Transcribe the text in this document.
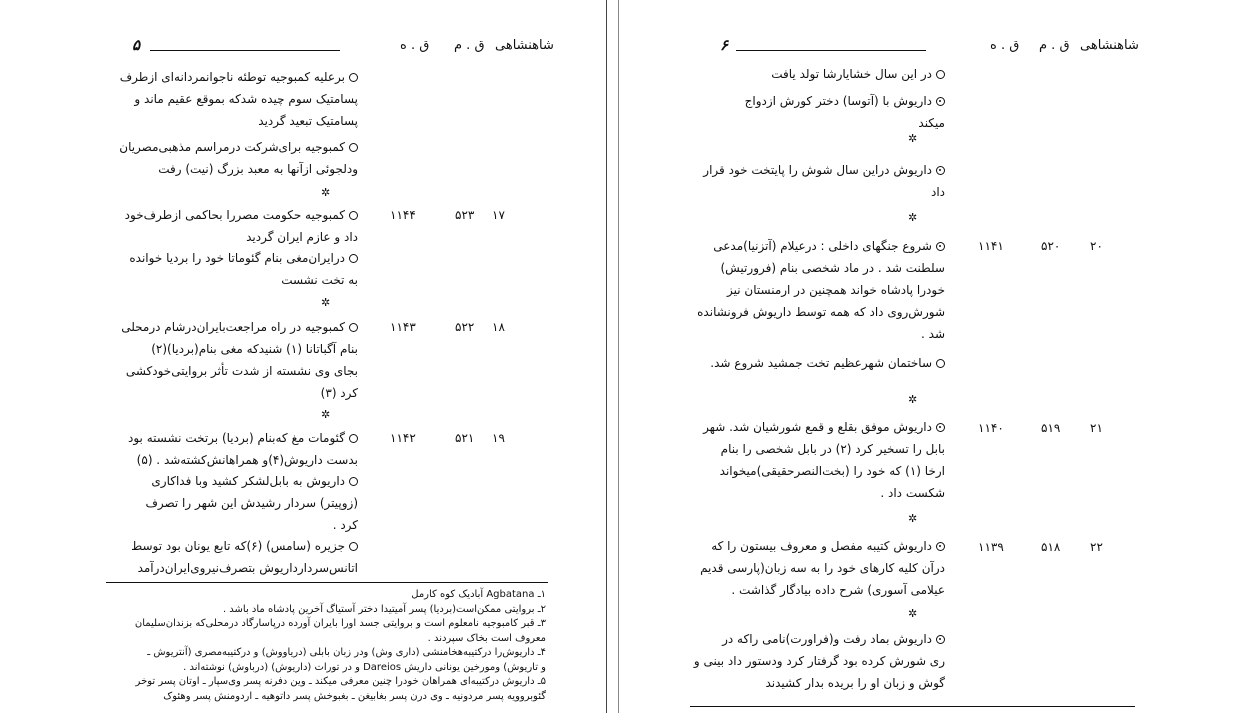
۵	شاهنشاهی
ق . م
ق . ه
برعلیه کمبوجیه توطئه ناجوانمردانه‌ای ازطرف
پسامتیک سوم چیده شدکه بموقع عقیم ماند و
پسامتیک تبعید گردید
کمبوجیه برای‌شرکت درمراسم مذهبی‌مصریان
ودلجوئی ازآنها به معبد بزرگ (نیت) رفت
✲
۱۷
۵۲۳
۱۱۴۴
کمبوجیه حکومت مصررا بحاکمی ازطرف‌خود
داد و عازم ایران گردید
درایران‌مغی بنام گئوماتا خود را بردیا خوانده
به تخت نشست
✲
۱۸
۵۲۲
۱۱۴۳
کمبوجیه در راه مراجعت‌بایران‌درشام درمحلی
بنام آگباتانا (۱) شنیدکه مغی بنام(بردیا)(۲)
بجای وی نشسته از شدت تأثر بروایتی‌خودکشی
کرد (۳)
✲
۱۹
۵۲۱
۱۱۴۲
گئومات مغ که‌بنام (بردیا) برتخت نشسته بود
بدست داریوش(۴)و همراهانش‌کشته‌شد . (۵)
داریوش به بابل‌لشکر کشید وبا فداکاری
(زوپیتر) سردار رشیدش این شهر را تصرف
کرد .
جزیره (سامس) (۶)که تابع یونان بود توسط
اتانس‌سردارداریوش بتصرف‌نیروی‌ایران‌درآمد
۱ـ Agbatana آبادیک کوه کارمل
۲ـ بروایتی ممکن‌است‌(بردیا) پسر آمیتیدا دختر آستیاگ آخرین پادشاه ماد باشد .
۳ـ قبر کامبوجیه نامعلوم است و بروایتی جسد اورا بایران آورده درپاسارگاد درمحلی‌که بزندان‌سلیمان
معروف است بخاک سپردند .
۴ـ داریوش‌را درکتیبه‌هخامنشی (داری وش) ودر زبان بابلی (دریاووش) و درکتیبه‌مصری (آنتریوش ـ
و تاریوش) ومورخین یونانی داریش Dareios و در تورات (داریوش) (درباوش) نوشته‌اند .
۵ـ داریوش درکتیبه‌ای همراهان خودرا چنین معرفی میکند ـ وین دفرنه پسر وی‌سپار ـ اوتان پسر توخر
گئوبروویه پسر مردونیه ـ وی درن پسر بغابیغن ـ بغبوخش پسر داتوهیه ـ اردومنش پسر وهئوک
۶	شاهنشاهی
ق . م
ق . ه
در این سال خشایارشا تولد یافت
داریوش با (آتوسا) دختر کورش ازدواج
میکند
✲
داریوش دراین سال شوش را پایتخت خود قرار
داد
✲
۲۰
۵۲۰
۱۱۴۱
شروع جنگهای داخلی : درعیلام (آتزنیا)مدعی
سلطنت شد . در ماد شخصی بنام (فرورتیش)
خودرا پادشاه خواند همچنین در ارمنستان نیز
شورش‌روی داد که همه توسط داریوش فرونشانده
شد .
ساختمان شهرعظیم تخت جمشید شروع شد.
✲
۲۱
۵۱۹
۱۱۴۰
داریوش موفق بقلع و قمع شورشیان شد. شهر
بابل را تسخیر کرد (۲) در بابل شخصی را بنام
ارخا (۱) که خود را (بخت‌النصرحقیقی)میخواند
شکست داد .
✲
۲۲
۵۱۸
۱۱۳۹
داریوش کتیبه مفصل و معروف بیستون را که
درآن کلیه کارهای خود را به سه زبان(پارسی قدیم
عیلامی آسوری) شرح داده بیادگار گذاشت .
✲
داریوش بماد رفت و(فراورت)نامی راکه در
ری شورش کرده بود گرفتار کرد ودستور داد بینی و
گوش و زبان او را بریده بدار کشیدند
